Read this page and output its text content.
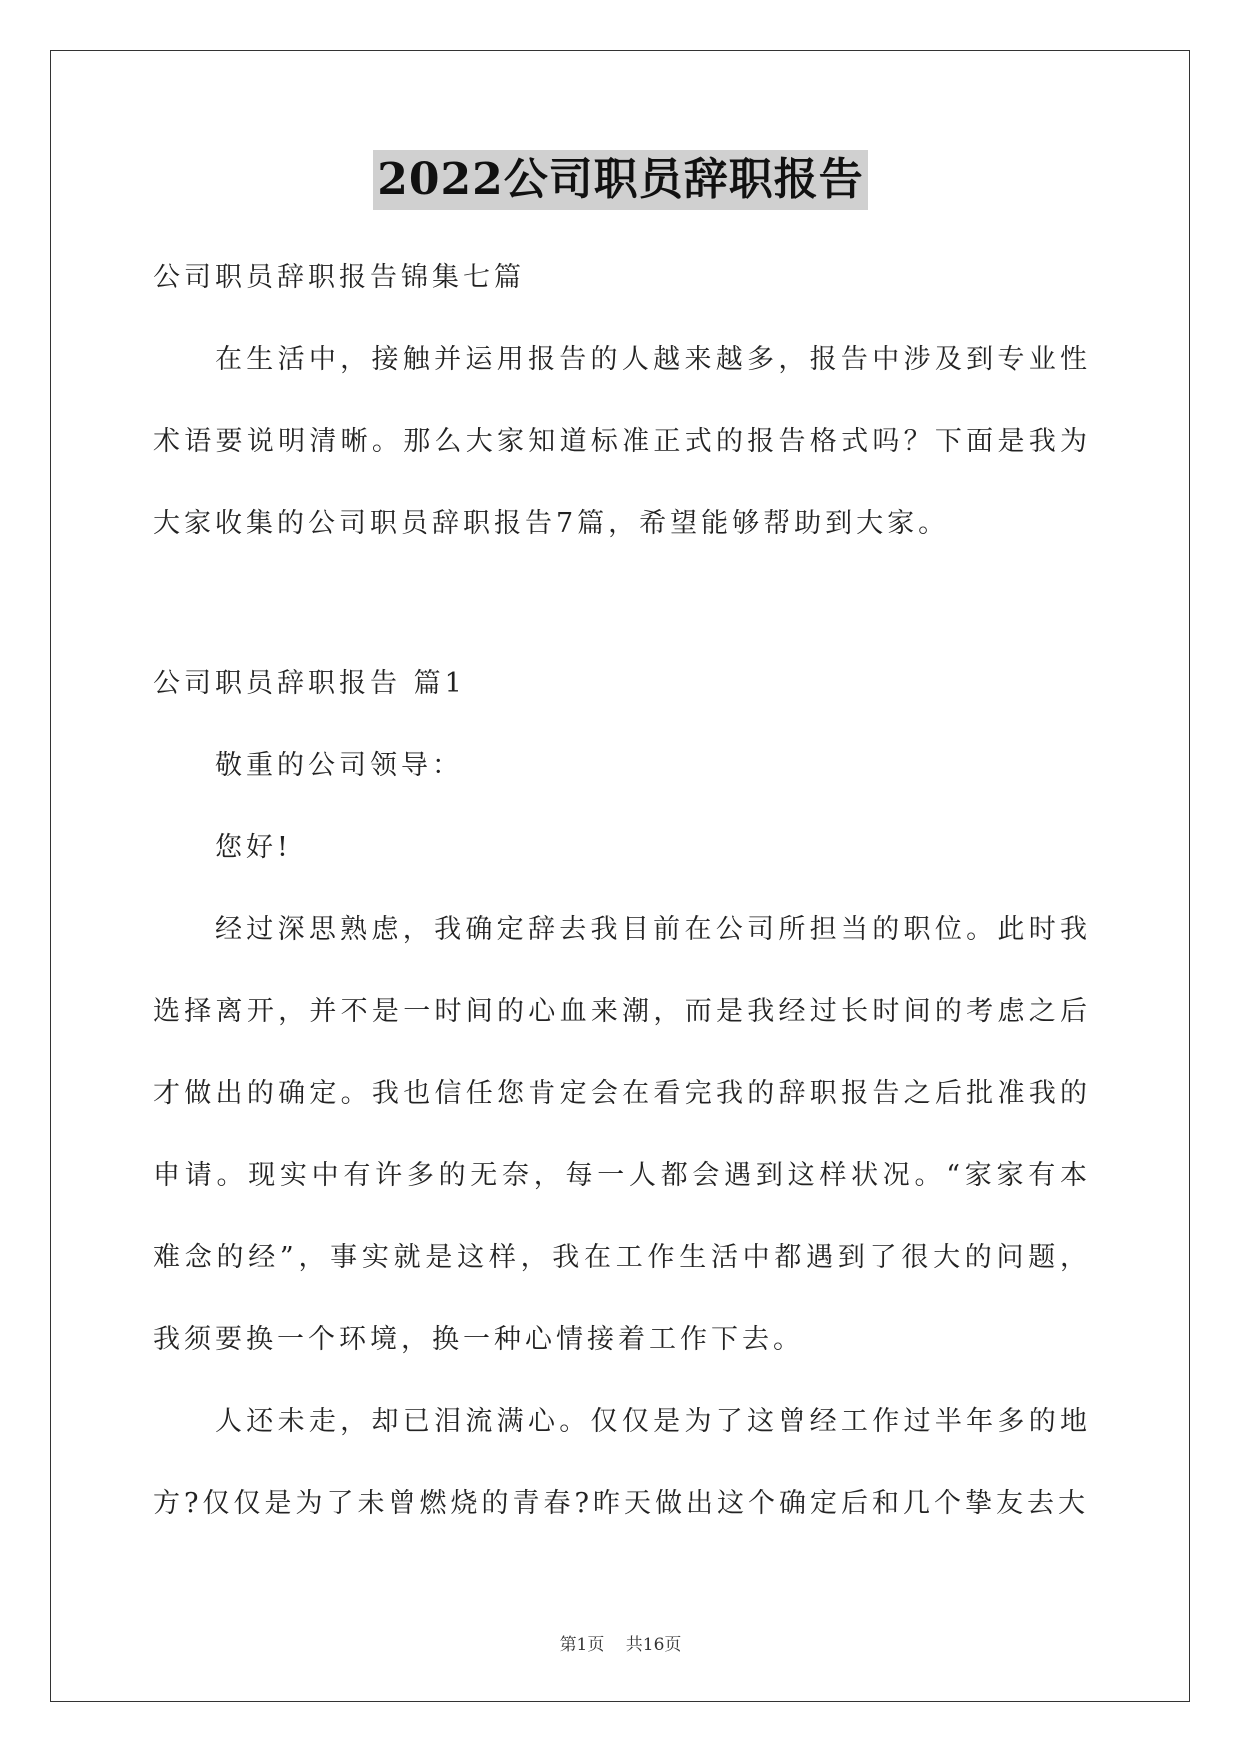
2022公司职员辞职报告

公司职员辞职报告锦集七篇

在生活中，接触并运用报告的人越来越多，报告中涉及到专业性术语要说明清晰。那么大家知道标准正式的报告格式吗？下面是我为大家收集的公司职员辞职报告7篇，希望能够帮助到大家。

公司职员辞职报告 篇1

敬重的公司领导：

您好!

经过深思熟虑，我确定辞去我目前在公司所担当的职位。此时我选择离开，并不是一时间的心血来潮，而是我经过长时间的考虑之后才做出的确定。我也信任您肯定会在看完我的辞职报告之后批准我的申请。现实中有许多的无奈，每一人都会遇到这样状况。“家家有本难念的经”，事实就是这样，我在工作生活中都遇到了很大的问题，我须要换一个环境，换一种心情接着工作下去。

人还未走，却已泪流满心。仅仅是为了这曾经工作过半年多的地方?仅仅是为了未曾燃烧的青春?昨天做出这个确定后和几个挚友去大

第1页 共16页
